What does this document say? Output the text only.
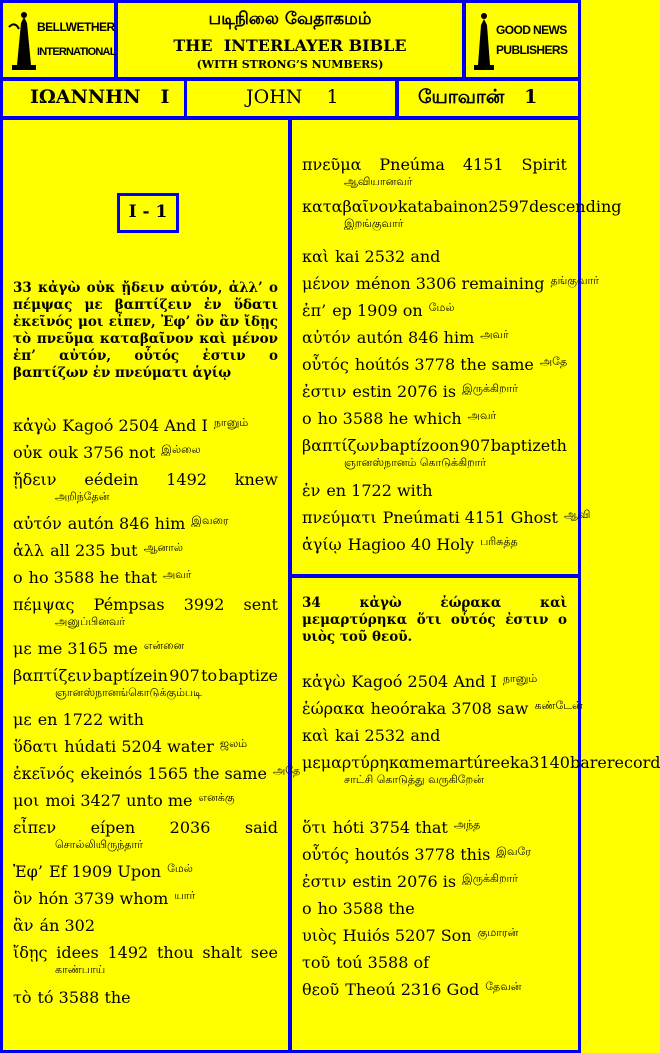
BELLWETHER
INTERNATIONAL
படிநிலை வேதாகமம்
THE  INTERLAYER BIBLE
(WITH STRONG’S NUMBERS)
GOOD NEWS
PUBLISHERS
ΙΩΑΝΝΗΝ   Ι	JOHN    1	யோவான்   1
I - 1
33 κἀγὼ οὐκ ᾔδειν αὐτόν, ἀλλ’ ο πέμψας με βαπτίζειν ἐν ὕδατι ἐκεῖνός μοι εἶπεν, Ἐφ’ ὃν ἂν ἴδῃς τὸ πνεῦμα καταβαῖνον καὶ μένον ἐπ’ αὐτόν, οὗτός ἐστιν ο βαπτίζων ἐν πνεύματι ἁγίῳ
κἀγὼ Kagoó 2504 And I நானும்
οὐκ ouk 3756 not இல்லை
ᾔδειν eédein 1492 knew
அறிந்தேன்
αὐτόν autón 846 him இவரை
ἀλλ all 235 but ஆனால்
ο ho 3588 he that அவர்
πέμψας Pémpsas 3992 sent
அனுப்பினவர்
με me 3165 me என்னை
βαπτίζειν baptízein 907 to baptize
ஞானஸ்நானங்கொடுக்கும்படி
με en 1722 with
ὕδατι húdati 5204 water ஜலம்
ἐκεῖνός ekeinós 1565 the same அதே
μοι moi 3427 unto me எனக்கு
εἶπεν eípen 2036 said
சொல்லியிருந்தார்
Ἐφ’ Ef 1909 Upon மேல்
ὃν hón 3739 whom யார்
ἂν án 302
ἴδῃς idees 1492 thou shalt see
காண்பாய்
τὸ tó 3588 the
πνεῦμα Pneúma 4151 Spirit
ஆவியானவர்
καταβαῖνον katabainon 2597 descending
இறங்குவார்
καὶ kai 2532 and
μένον ménon 3306 remaining தங்குவார்
ἐπ’ ep 1909 on மேல்
αὐτόν autón 846 him அவர்
οὗτός hoútós 3778 the same அதே
ἐστιν estin 2076 is இருக்கிறார்
ο ho 3588 he which அவர்
βαπτίζων baptízoon 907 baptizeth
ஞானஸ்நானம் கொடுக்கிறார்
ἐν en 1722 with
πνεύματι Pneúmati 4151 Ghost ஆவி
ἁγίῳ Hagioo 40 Holy பரிசுத்த
34 κἀγὼ ἑώρακα καὶ μεμαρτύρηκα ὅτι οὗτός ἐστιν ο υιὸς τοῦ θεοῦ.
κἀγὼ Kagoó 2504 And I நானும்
ἑώρακα heoóraka 3708 saw கண்டேன்
καὶ kai 2532 and
μεμαρτύρηκα memartúreeka 3140 bare record
சாட்சி கொடுத்து வருகிறேன்
ὅτι hóti 3754 that அந்த
οὗτός houtós 3778 this இவரே
ἐστιν estin 2076 is இருக்கிறார்
ο ho 3588 the
υιὸς Huiós 5207 Son குமாரன்
τοῦ toú 3588 of
θεοῦ Theoú 2316 God தேவன்
